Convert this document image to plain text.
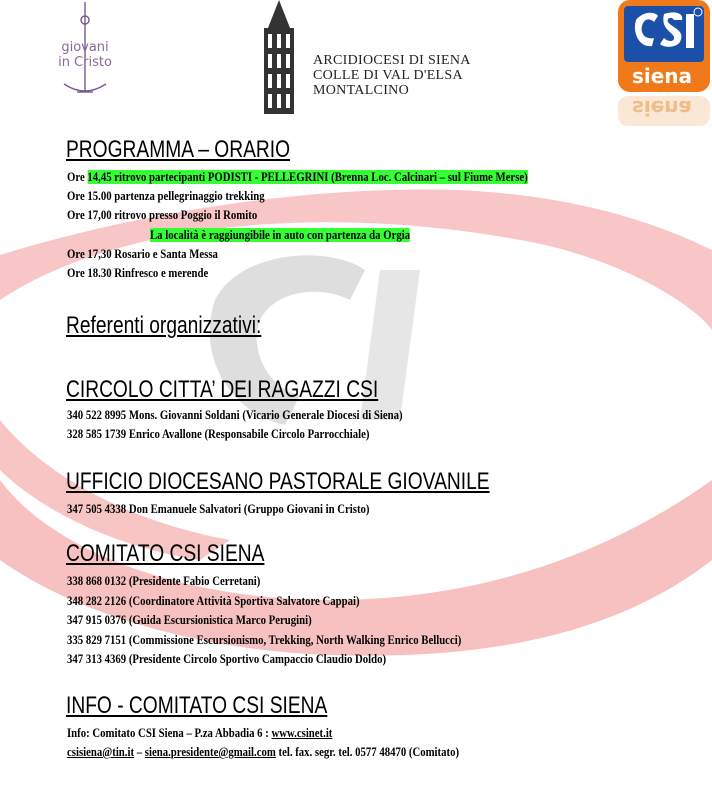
giovani
in Cristo	ARCIDIOCESI DI SIENA
COLLE DI VAL D'ELSA
MONTALCINO
siena
siena
PROGRAMMA – ORARIO
Ore 14,45 ritrovo partecipanti PODISTI - PELLEGRINI (Brenna Loc. Calcinari – sul Fiume Merse)
Ore 15.00 partenza pellegrinaggio trekking
Ore 17,00 ritrovo presso Poggio il Romito
La località è raggiungibile in auto con partenza da Orgia
Ore 17,30 Rosario e Santa Messa
Ore 18.30 Rinfresco e merende
Referenti organizzativi:
CIRCOLO CITTA’ DEI RAGAZZI CSI
340 522 8995 Mons. Giovanni Soldani (Vicario Generale Diocesi di Siena)
328 585 1739 Enrico Avallone (Responsabile Circolo Parrocchiale)
UFFICIO DIOCESANO PASTORALE GIOVANILE
347 505 4338 Don Emanuele Salvatori (Gruppo Giovani in Cristo)
COMITATO CSI SIENA
338 868 0132 (Presidente Fabio Cerretani)
348 282 2126 (Coordinatore Attività Sportiva Salvatore Cappai)
347 915 0376 (Guida Escursionistica Marco Perugini)
335 829 7151 (Commissione Escursionismo, Trekking, North Walking Enrico Bellucci)
347 313 4369 (Presidente Circolo Sportivo Campaccio Claudio Doldo)
INFO - COMITATO CSI SIENA
Info: Comitato CSI Siena – P.za Abbadia 6 : www.csinet.it
csisiena@tin.it – siena.presidente@gmail.com tel. fax. segr. tel. 0577 48470 (Comitato)
